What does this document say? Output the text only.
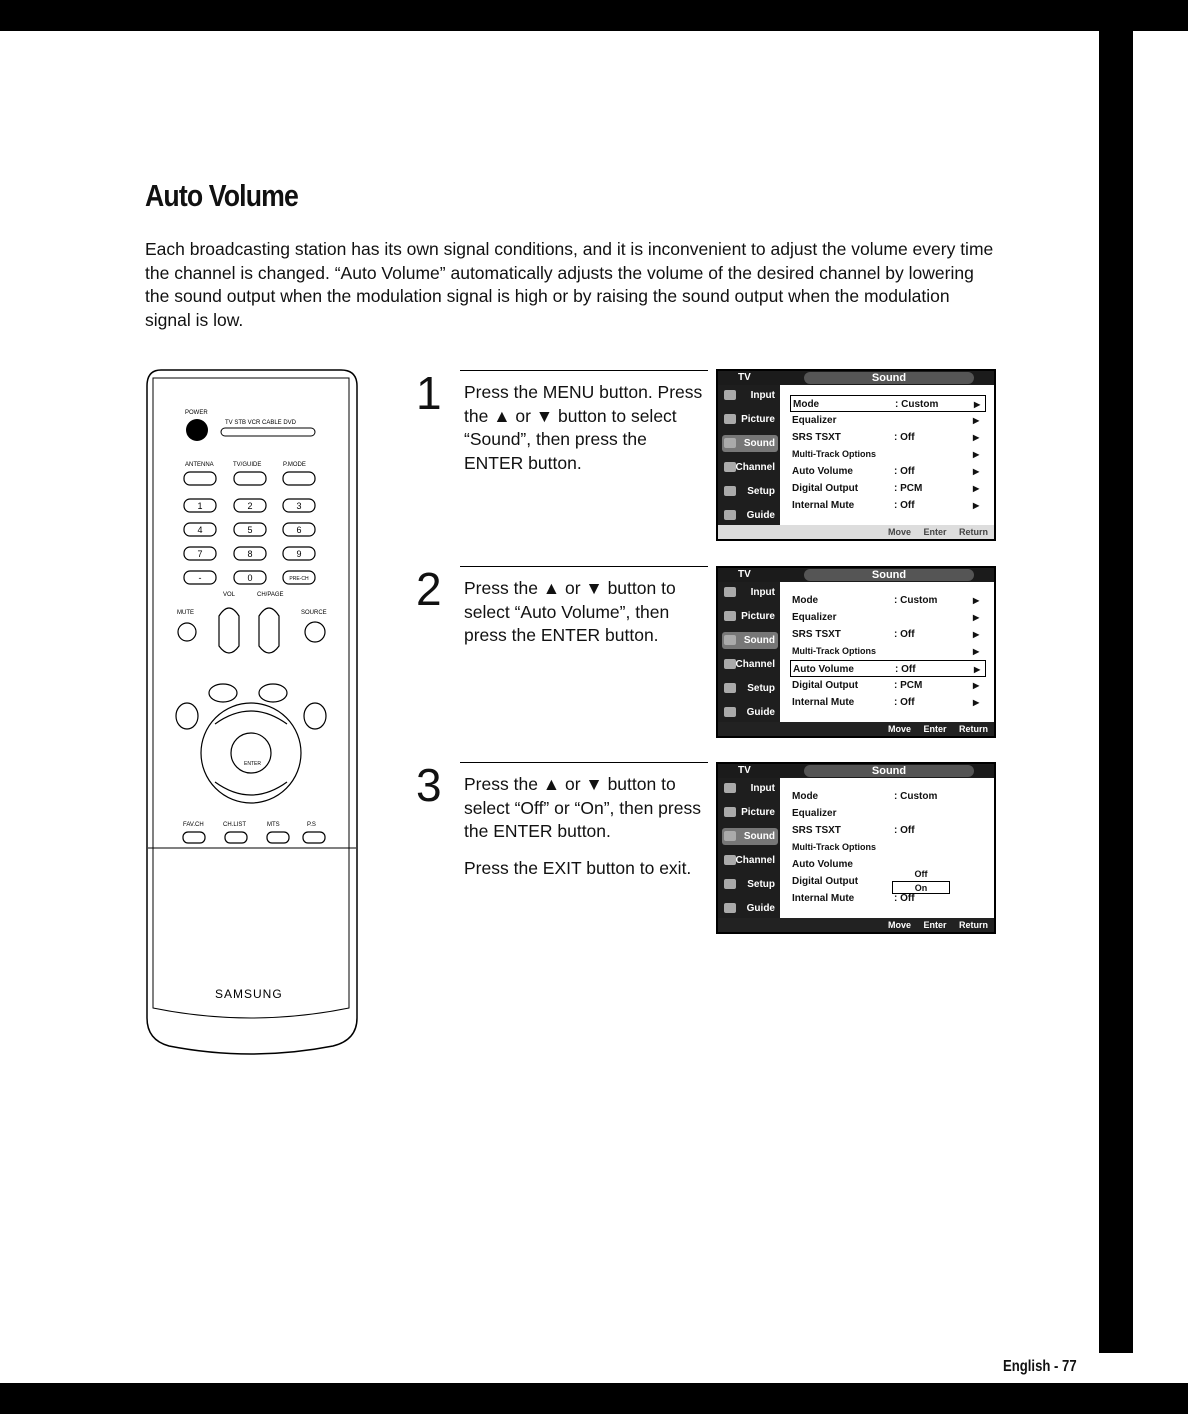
Auto Volume

Each broadcasting station has its own signal conditions, and it is inconvenient to adjust the volume every time the channel is changed. “Auto Volume” automatically adjusts the volume of the desired channel by lowering the sound output when the modulation signal is high or by raising the sound output when the modulation signal is low.

POWER
TV STB VCR CABLE DVD
ANTENNA	TV/GUIDE	P.MODE
1	2	3
4	5	6
7	8	9
-	0	PRE-CH
VOL	CH/PAGE
MUTE	SOURCE
ENTER
FAV.CH	CH.LIST	MTS	P.S
SAMSUNG
1 Press the MENU button. Press the ▲ or ▼ button to select “Sound”, then press the ENTER button.
TV	Sound
Input
Picture
Sound
Channel
Setup
Guide
Mode	: Custom	▶
Equalizer	▶
SRS TSXT	: Off	▶
Multi-Track Options	▶
Auto Volume	: Off	▶
Digital Output	: PCM	▶
Internal Mute	: Off	▶
Move Enter Return
2 Press the ▲ or ▼ button to select “Auto Volume”, then press the ENTER button.
TV	Sound
Input
Picture
Sound
Channel
Setup
Guide
Mode	: Custom	▶
Equalizer	▶
SRS TSXT	: Off	▶
Multi-Track Options	▶
Auto Volume	: Off	▶
Digital Output	: PCM	▶
Internal Mute	: Off	▶
Move Enter Return
3 Press the ▲ or ▼ button to select “Off” or “On”, then press the ENTER button.
Press the EXIT button to exit.
TV	Sound
Input
Picture
Sound
Channel
Setup
Guide
Mode	: Custom
Equalizer
SRS TSXT	: Off
Multi-Track Options
Auto Volume
Digital Output
Internal Mute	: Off
Off
On
Move Enter Return
English - 77
